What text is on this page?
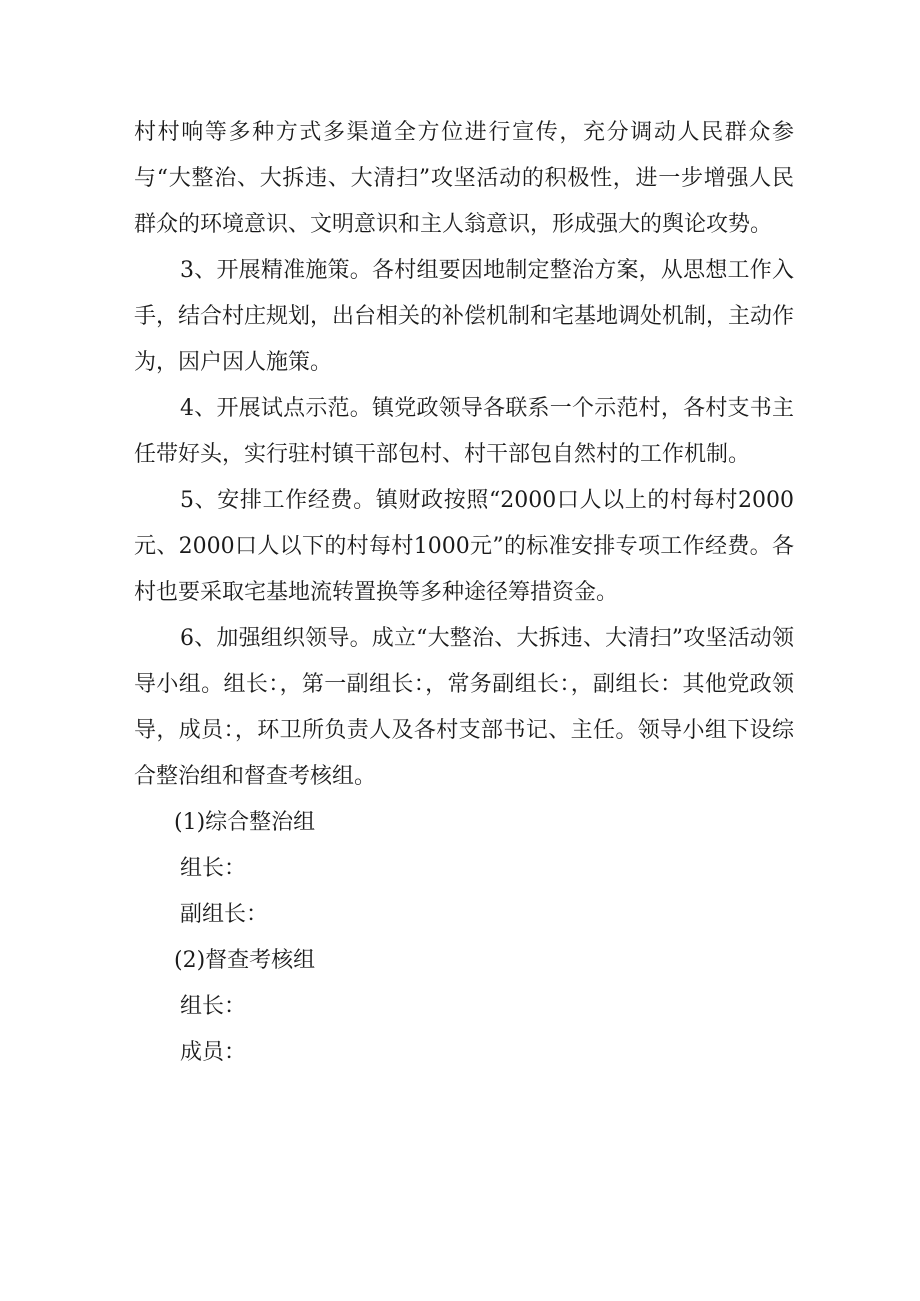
村村响等多种方式多渠道全方位进行宣传，充分调动人民群众参与“大整治、大拆违、大清扫”攻坚活动的积极性，进一步增强人民群众的环境意识、文明意识和主人翁意识，形成强大的舆论攻势。

3、开展精准施策。各村组要因地制定整治方案，从思想工作入手，结合村庄规划，出台相关的补偿机制和宅基地调处机制，主动作为，因户因人施策。

4、开展试点示范。镇党政领导各联系一个示范村，各村支书主任带好头，实行驻村镇干部包村、村干部包自然村的工作机制。

5、安排工作经费。镇财政按照“2000口人以上的村每村2000元、2000口人以下的村每村1000元”的标准安排专项工作经费。各村也要采取宅基地流转置换等多种途径筹措资金。

6、加强组织领导。成立“大整治、大拆违、大清扫”攻坚活动领导小组。组长：，第一副组长：，常务副组长：，副组长：其他党政领导，成员：，环卫所负责人及各村支部书记、主任。领导小组下设综合整治组和督查考核组。

(1)综合整治组

组长：

副组长：

(2)督查考核组

组长：

成员：
